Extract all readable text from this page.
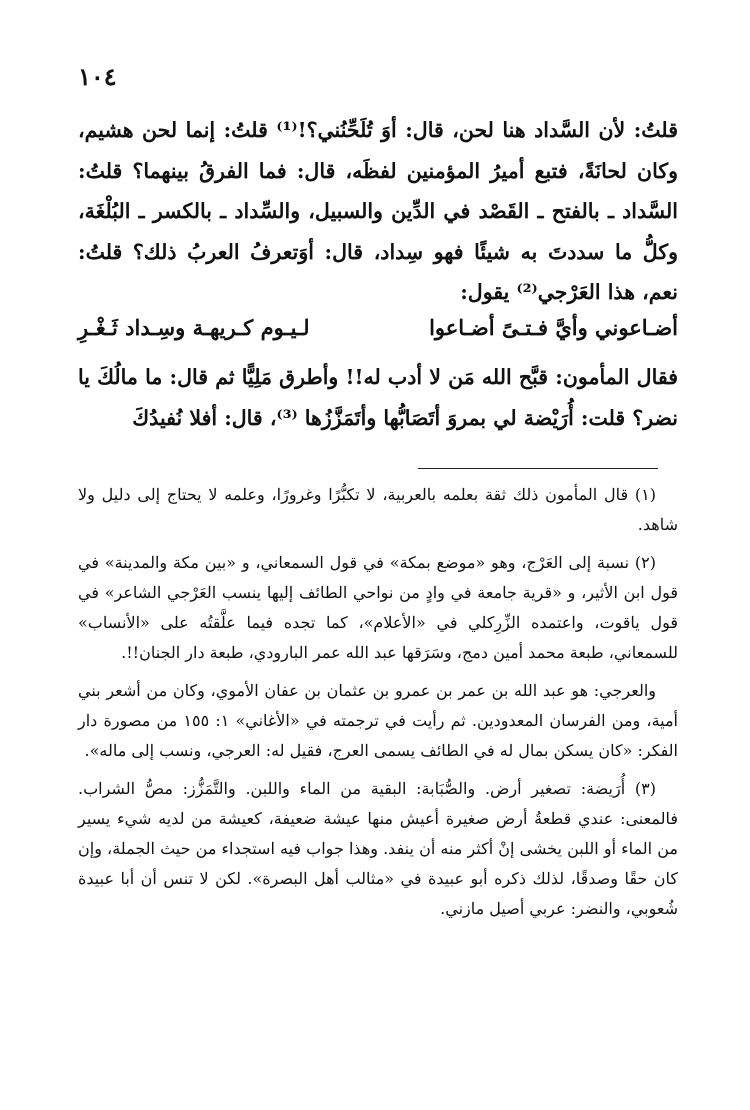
١٠٤

قلتُ: لأن السَّداد هنا لحن، قال: أوَ تُلَحِّنُني؟!⁽¹⁾ قلتُ: إنما لحن هشيم، وكان لحانَةً، فتبع أميرُ المؤمنين لفظَه، قال: فما الفرقُ بينهما؟ قلتُ: السَّداد ـ بالفتح ـ القَصْد في الدِّين والسبيل، والسِّداد ـ بالكسر ـ البُلْغَة، وكلُّ ما سددتَ به شيئًا فهو سِداد، قال: أوَتعرفُ العربُ ذلك؟ قلتُ: نعم، هذا العَرْجي⁽²⁾ يقول:

أضـاعوني وأيَّ فـتـىً أضـاعوا
لـيـوم كـريهـة وسِـداد ثَـغْـرِ

فقال المأمون: قبَّح الله مَن لا أدب له!! وأطرق مَلِيًّا ثم قال: ما مالُكَ يا نضر؟ قلت: أُرَيْضة لي بمروَ أتَصَابُّها وأتَمَزَّزُها ⁽³⁾، قال: أفلا نُفيدُكَ

(١) قال المأمون ذلك ثقة بعلمه بالعربية، لا تكبُّرًا وغرورًا، وعلمه لا يحتاج إلى دليل ولا شاهد.

(٢) نسبة إلى العَرْج، وهو «موضع بمكة» في قول السمعاني، و «بين مكة والمدينة» في قول ابن الأثير، و «قرية جامعة في وادٍ من نواحي الطائف إليها ينسب العَرْجي الشاعر» في قول ياقوت، واعتمده الزِّرِكلي في «الأعلام»، كما تجده فيما علَّقتُه على «الأنساب» للسمعاني، طبعة محمد أمين دمج، وسَرَقها عبد الله عمر البارودي، طبعة دار الجنان!!.

والعرجي: هو عبد الله بن عمر بن عمرو بن عثمان بن عفان الأموي، وكان من أشعر بني أمية، ومن الفرسان المعدودين. ثم رأيت في ترجمته في «الأغاني» ١: ١٥٥ من مصورة دار الفكر: «كان يسكن بمال له في الطائف يسمى العرج، فقيل له: العرجي، ونسب إلى ماله».

(٣) أُرَيضة: تصغير أرض. والصُّبَابة: البقية من الماء واللبن. والتَّمَزُّز: مصُّ الشراب. فالمعنى: عندي قطعةُ أرض صغيرة أعيش منها عيشة ضعيفة، كعيشة من لديه شيء يسير من الماء أو اللبن يخشى إنْ أكثر منه أن ينفد. وهذا جواب فيه استجداء من حيث الجملة، وإن كان حقًا وصدقًا، لذلك ذكره أبو عبيدة في «مثالب أهل البصرة». لكن لا تنس أن أبا عبيدة شُعوبي، والنضر: عربي أصيل مازني.
